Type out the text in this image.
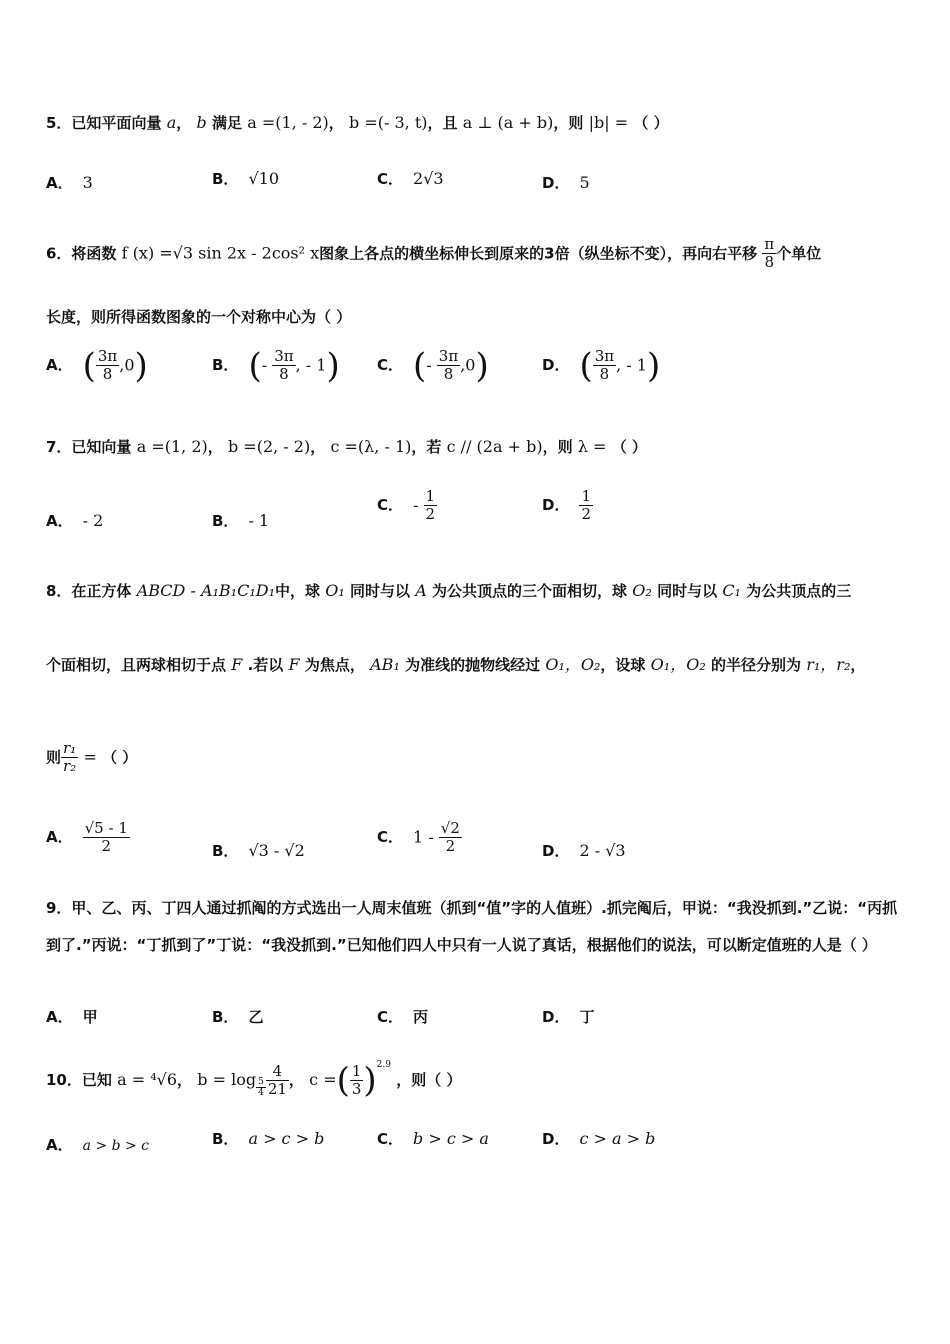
5．已知平面向量 a， b 满足 a =(1, - 2)， b =(- 3, t)，且 a ⊥ (a + b)，则 |b| = （ ）
A． 3	B． √10	C． 2√3	D． 5
6．将函数 f (x) =√3 sin 2x - 2cos² x图象上各点的横坐标伸长到原来的3倍（纵坐标不变），再向右平移 $\frac{\pi}{8}$ 个单位
长度，则所得函数图象的一个对称中心为（ ）
A． ( $\frac{3\pi}{8} ,0$)	B． (- $\frac{3\pi}{8}$ , - 1) C． (- $\frac{3\pi}{8} ,0$)	D． ( $\frac{3\pi}{8}$ , - 1)
7．已知向量 a =(1, 2)， b =(2, - 2)， c =(λ, - 1)，若 c // (2a + b)，则 λ = （ ）
A． - 2	B． - 1
C． - $\frac{1}{2}$	D． $\frac{1}{2}$
8．在正方体 ABCD - A₁B₁C₁D₁中，球 O₁ 同时与以 A 为公共顶点的三个面相切，球 O₂ 同时与以 C₁ 为公共顶点的三
个面相切，且两球相切于点 F .若以 F 为焦点， AB₁ 为准线的抛物线经过 O₁，O₂，设球 O₁，O₂ 的半径分别为 r₁，r₂，
则 $\frac{\text{r₁}}{\text{r₂}}$ = （ ）
A． $\frac{√5 - 1}{2}$	B． √3 - √2
C． $1 - \frac{√2}{2}$	D． 2 - √3
9．甲、乙、丙、丁四人通过抓阄的方式选出一人周末值班（抓到“值”字的人值班）.抓完阄后，甲说：“我没抓到.”乙说：“丙抓到了.”丙说：“丁抓到了”丁说：“我没抓到.”已知他们四人中只有一人说了真话，根据他们的说法，可以断定值班的人是（ ）
A． 甲	B． 乙	C． 丙	D． 丁
10．已知 a = ⁴√6， $b = \log \frac{5}{4} \frac{4}{21}$ ， c =( $\frac{1}{3} )^{2.9}$ ，则（ ）
A． a > b > c	B． a > c > b	C． b > c > a	D． c > a > b
